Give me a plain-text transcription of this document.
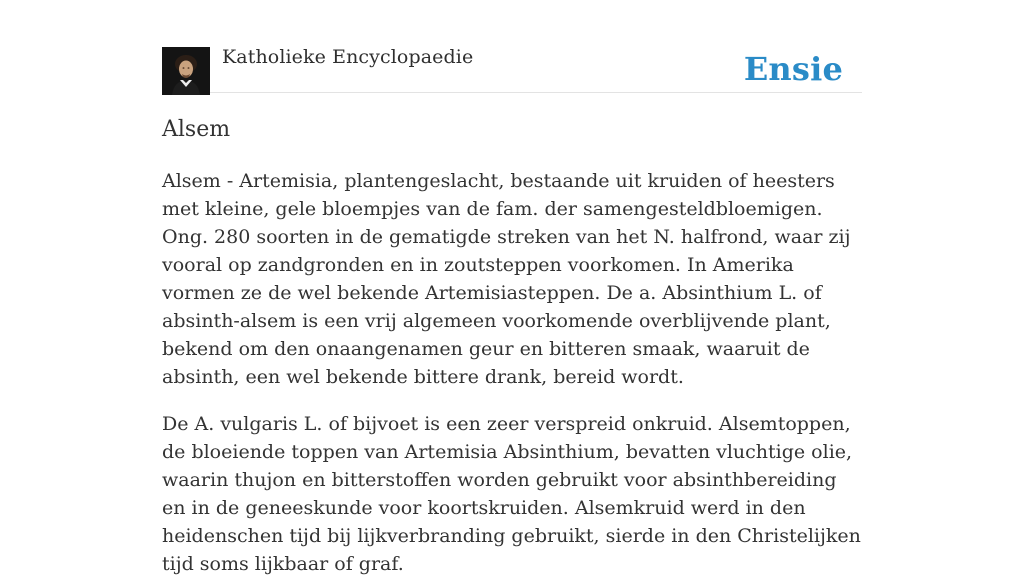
Katholieke Encyclopaedie	Ensie
Alsem

Alsem - Artemisia, plantengeslacht, bestaande uit kruiden of heesters met kleine, gele bloempjes van de fam. der samengesteldbloemigen. Ong. 280 soorten in de gematigde streken van het N. halfrond, waar zij vooral op zandgronden en in zoutsteppen voorkomen. In Amerika vormen ze de wel bekende Artemisiasteppen. De a. Absinthium L. of absinth-alsem is een vrij algemeen voorkomende overblijvende plant, bekend om den onaangenamen geur en bitteren smaak, waaruit de absinth, een wel bekende bittere drank, bereid wordt.

De A. vulgaris L. of bijvoet is een zeer verspreid onkruid. Alsemtoppen, de bloeiende toppen van Artemisia Absinthium, bevatten vluchtige olie, waarin thujon en bitterstoffen worden gebruikt voor absinthbereiding en in de geneeskunde voor koortskruiden. Alsemkruid werd in den heidenschen tijd bij lijkverbranding gebruikt, sierde in den Christelijken tijd soms lijkbaar of graf.
